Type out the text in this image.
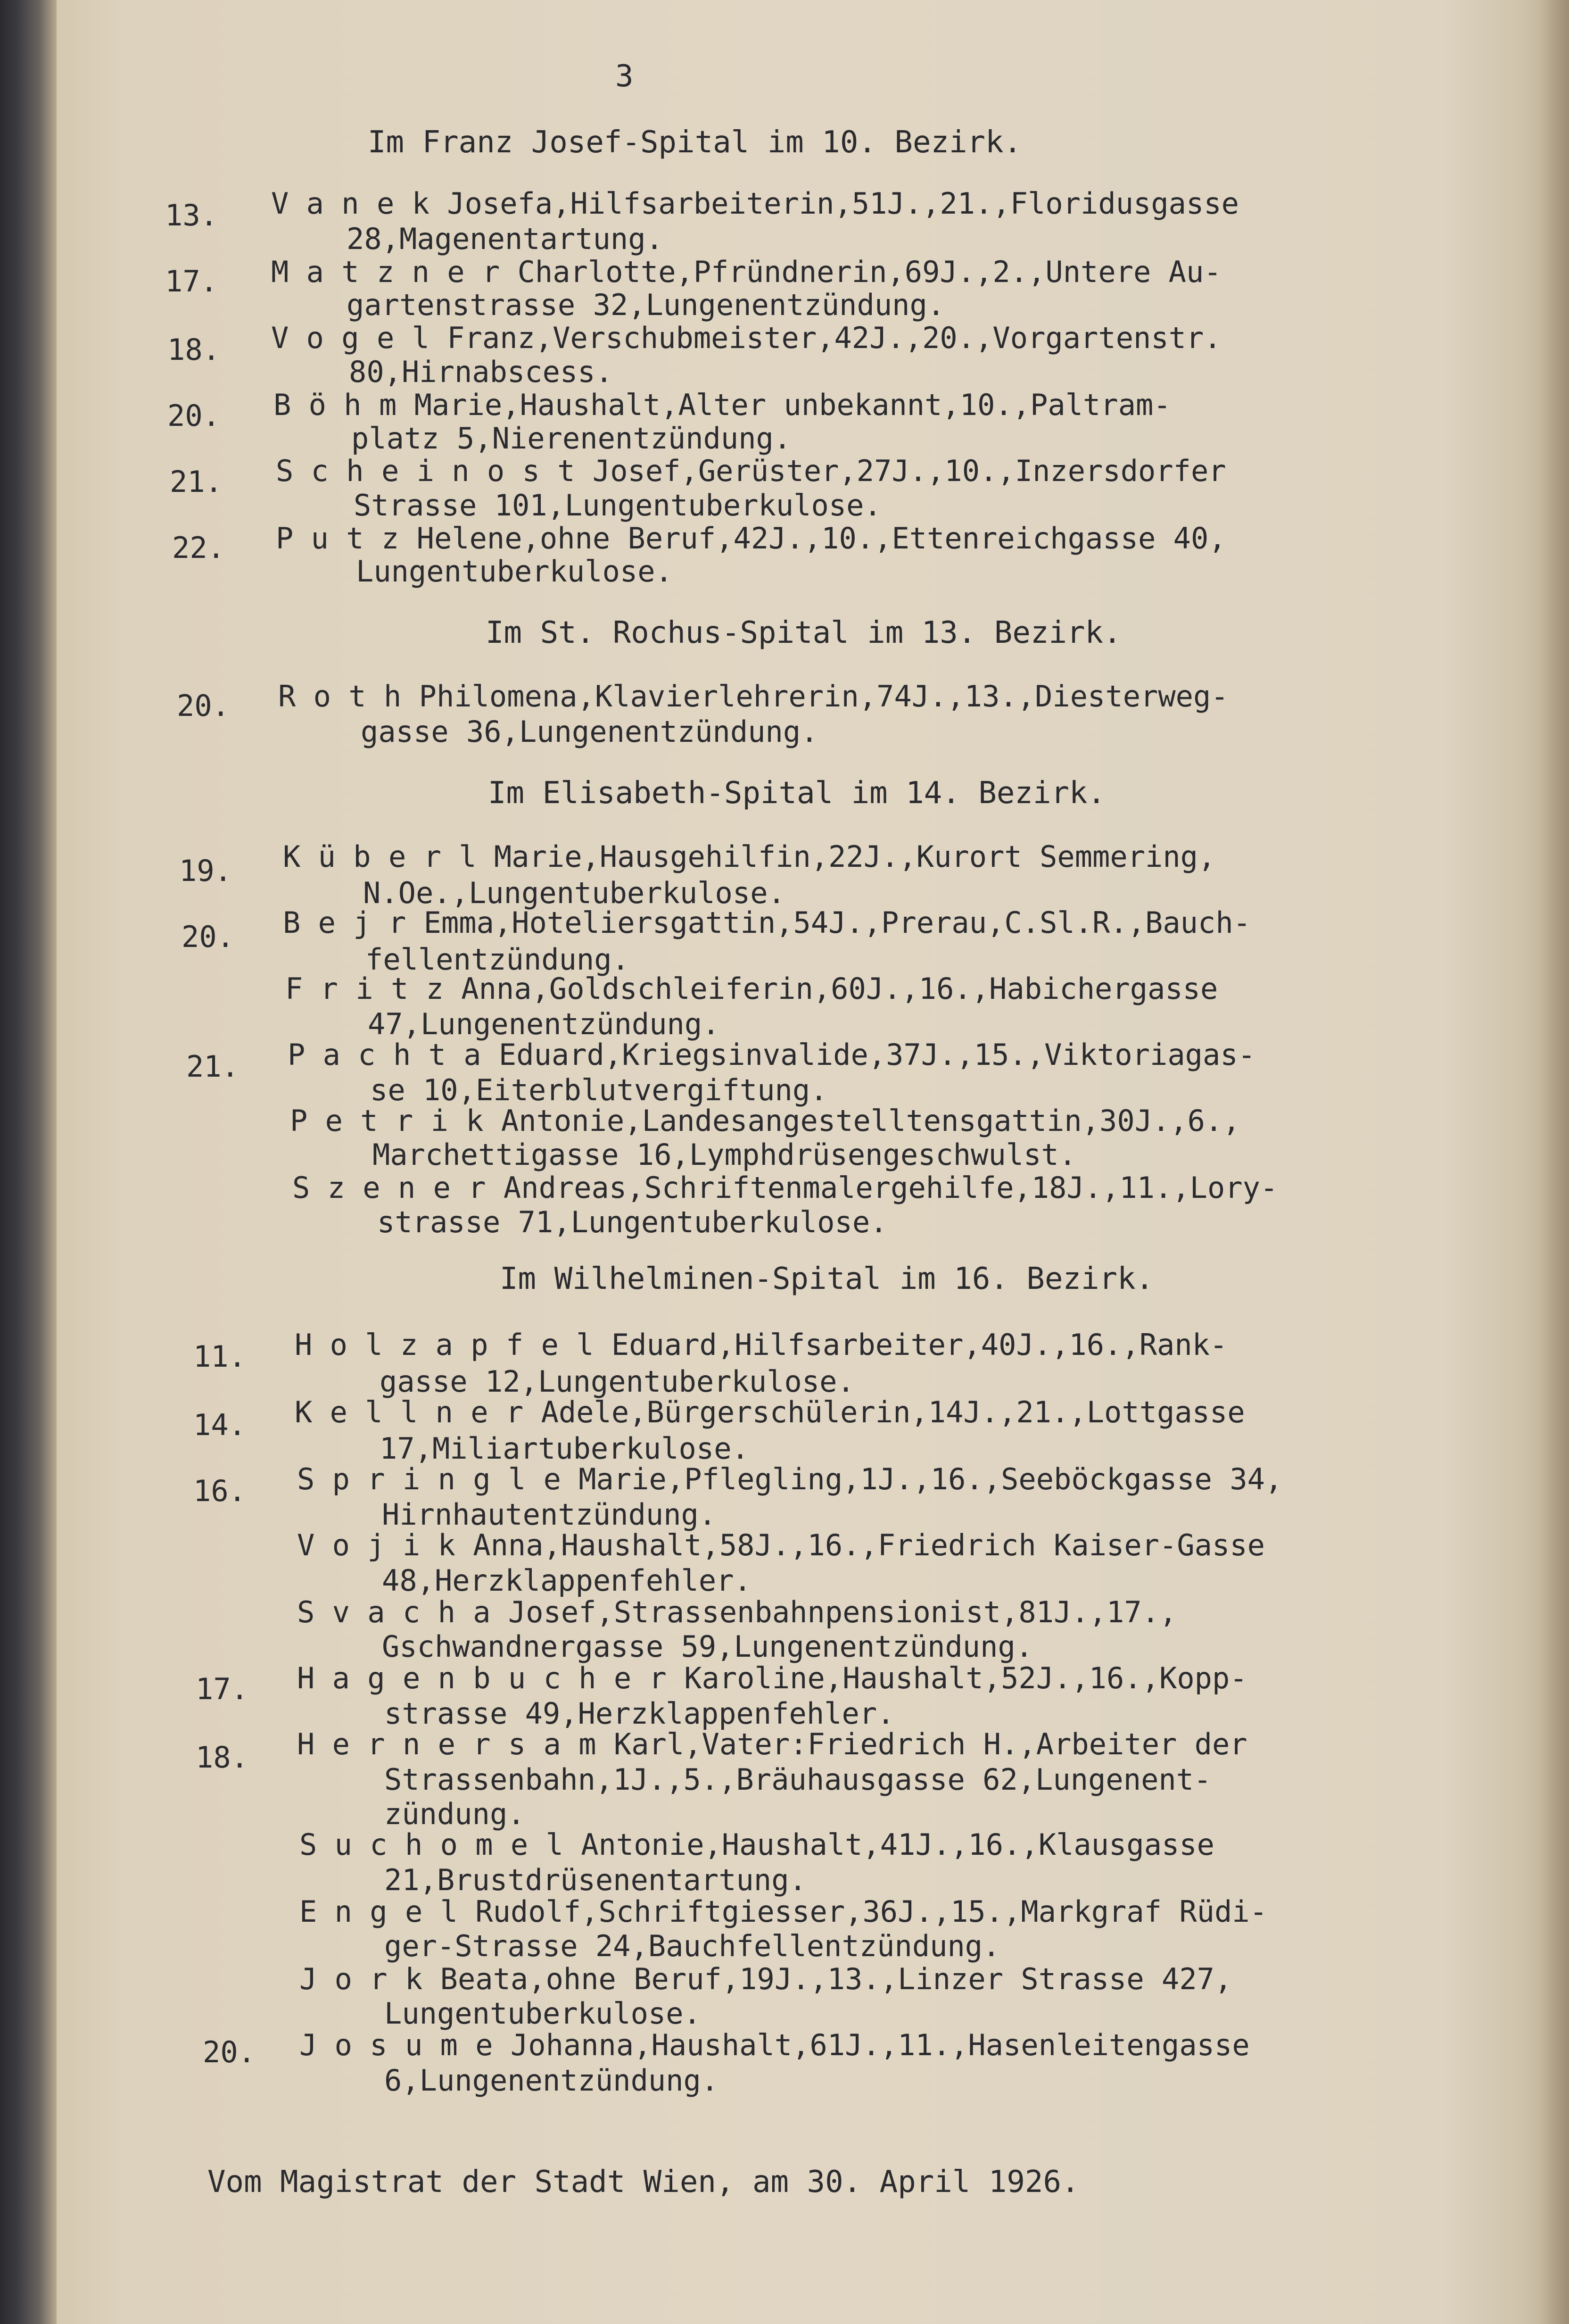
3
Im Franz Josef-Spital im 10. Bezirk.
13. V a n e k Josefa,Hilfsarbeiterin,51J.,21.,Floridusgasse
28,Magenentartung.
17. M a t z n e r Charlotte,Pfründnerin,69J.,2.,Untere Au-
gartenstrasse 32,Lungenentzündung.
18. V o g e l Franz,Verschubmeister,42J.,20.,Vorgartenstr.
80,Hirnabscess.
20. B ö h m Marie,Haushalt,Alter unbekannt,10.,Paltram-
platz 5,Nierenentzündung.
21. S c h e i n o s t Josef,Gerüster,27J.,10.,Inzersdorfer
Strasse 101,Lungentuberkulose.
22. P u t z Helene,ohne Beruf,42J.,10.,Ettenreichgasse 40,
Lungentuberkulose.
Im St. Rochus-Spital im 13. Bezirk.
20. R o t h Philomena,Klavierlehrerin,74J.,13.,Diesterweg-
gasse 36,Lungenentzündung.
Im Elisabeth-Spital im 14. Bezirk.
19. K ü b e r l Marie,Hausgehilfin,22J.,Kurort Semmering,
N.Oe.,Lungentuberkulose.
20. B e j r Emma,Hoteliersgattin,54J.,Prerau,C.Sl.R.,Bauch-
fellentzündung.
F r i t z Anna,Goldschleiferin,60J.,16.,Habichergasse
47,Lungenentzündung.
21. P a c h t a Eduard,Kriegsinvalide,37J.,15.,Viktoriagas-
se 10,Eiterblutvergiftung.
P e t r i k Antonie,Landesangestelltensgattin,30J.,6.,
Marchettigasse 16,Lymphdrüsengeschwulst.
S z e n e r Andreas,Schriftenmalergehilfe,18J.,11.,Lory-
strasse 71,Lungentuberkulose.
Im Wilhelminen-Spital im 16. Bezirk.
11. H o l z a p f e l Eduard,Hilfsarbeiter,40J.,16.,Rank-
gasse 12,Lungentuberkulose.
14. K e l l n e r Adele,Bürgerschülerin,14J.,21.,Lottgasse
17,Miliartuberkulose.
16. S p r i n g l e Marie,Pflegling,1J.,16.,Seeböckgasse 34,
Hirnhautentzündung.
V o j i k Anna,Haushalt,58J.,16.,Friedrich Kaiser-Gasse
48,Herzklappenfehler.
S v a c h a Josef,Strassenbahnpensionist,81J.,17.,
Gschwandnergasse 59,Lungenentzündung.
17. H a g e n b u c h e r Karoline,Haushalt,52J.,16.,Kopp-
strasse 49,Herzklappenfehler.
18. H e r n e r s a m Karl,Vater:Friedrich H.,Arbeiter der
Strassenbahn,1J.,5.,Bräuhausgasse 62,Lungenent-
zündung.
S u c h o m e l Antonie,Haushalt,41J.,16.,Klausgasse
21,Brustdrüsenentartung.
E n g e l Rudolf,Schriftgiesser,36J.,15.,Markgraf Rüdi-
ger-Strasse 24,Bauchfellentzündung.
J o r k Beata,ohne Beruf,19J.,13.,Linzer Strasse 427,
Lungentuberkulose.
20. J o s u m e Johanna,Haushalt,61J.,11.,Hasenleitengasse
6,Lungenentzündung.
Vom Magistrat der Stadt Wien, am 30. April 1926.
